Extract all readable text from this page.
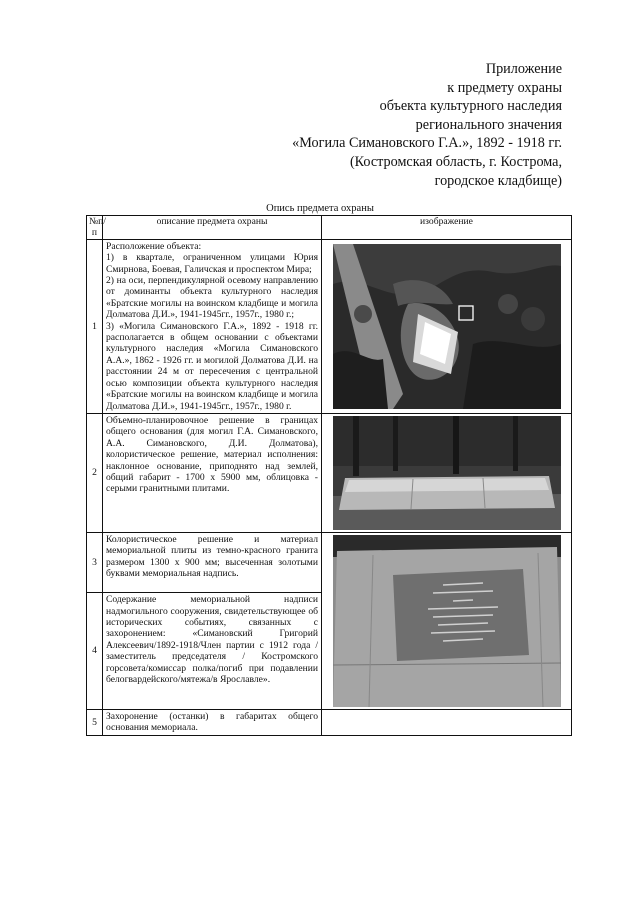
Приложение
к предмету охраны
объекта культурного наследия
регионального значения
«Могила Симановского Г.А.», 1892 - 1918 гг.
(Костромская область, г. Кострома,
городское кладбище)
Опись предмета охраны
№п/п	описание предмета охраны	изображение
1	Расположение объекта:

1) в квартале, ограниченном улицами Юрия Смирнова, Боевая, Галичская и проспектом Мира;

2) на оси, перпендикулярной осевому направлению от доминанты объекта культурного наследия «Братские могилы на воинском кладбище и могила Долматова Д.И.», 1941-1945гг., 1957г., 1980 г.;

3) «Могила Симановского Г.А.», 1892 - 1918 гг. располагается в общем основании с объектами культурного наследия «Могила Симановского А.А.», 1862 - 1926 гг. и могилой Долматова Д.И. на расстоянии 24 м от пересечения с центральной осью композиции объекта культурного наследия «Братские могилы на воинском кладбище и могила Долматова Д.И.», 1941-1945гг., 1957г., 1980 г.

2	Объемно-планировочное решение в границах общего основания (для могил Г.А. Симановского, А.А. Симановского, Д.И. Долматова), колористическое решение, материал исполнения: наклонное основание, приподнято над землей, общий габарит - 1700 х 5900 мм, облицовка - серыми гранитными плитами.

3	Колористическое решение и материал мемориальной плиты из темно-красного гранита размером 1300 х 900 мм; высеченная золотыми буквами мемориальная надпись.

4	Содержание мемориальной надписи надмогильного сооружения, свидетельствующее об исторических событиях, связанных с захоронением: «Симановский Григорий Алексеевич/1892-1918/Член партии с 1912 года / заместитель председателя / Костромского горсовета/комиссар полка/погиб при подавлении белогвардейского/мятежа/в Ярославле».	

5	Захоронение (останки) в габаритах общего основания мемориала.	
